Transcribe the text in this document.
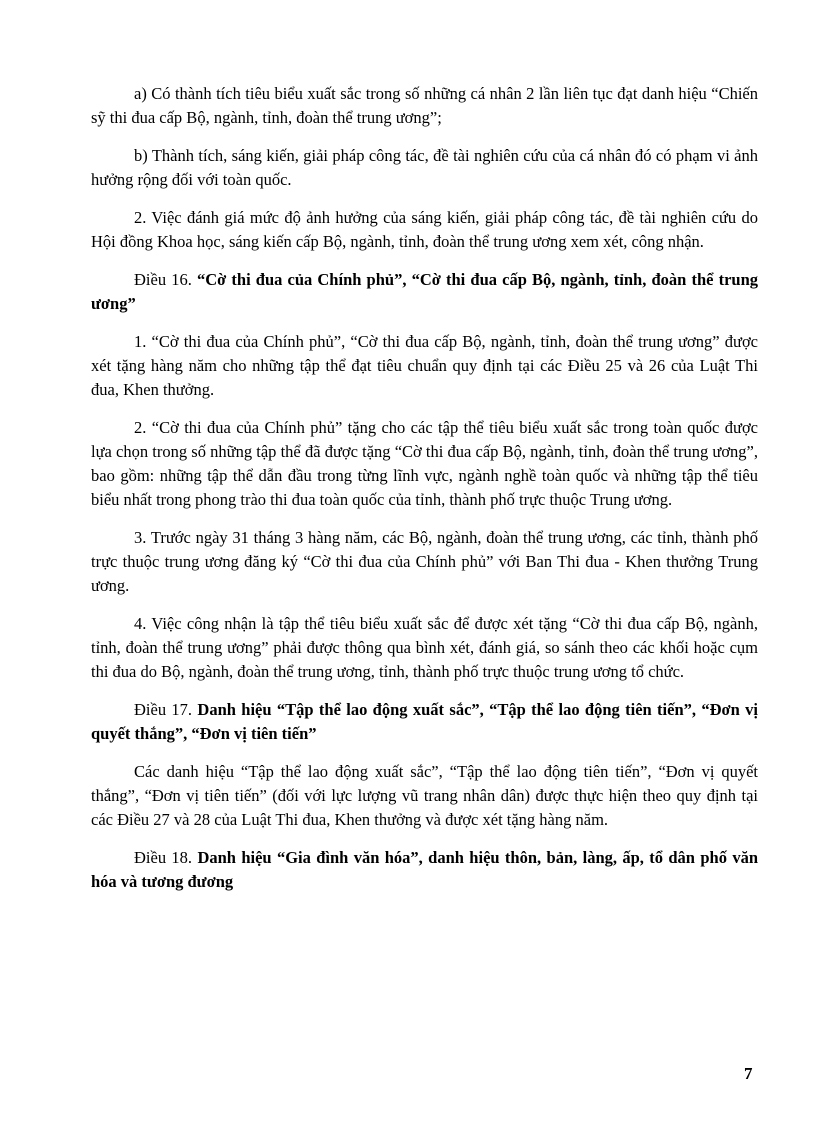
a) Có thành tích tiêu biểu xuất sắc trong số những cá nhân 2 lần liên tục đạt danh hiệu “Chiến sỹ thi đua cấp Bộ, ngành, tỉnh, đoàn thể trung ương”;

b) Thành tích, sáng kiến, giải pháp công tác, đề tài nghiên cứu của cá nhân đó có phạm vi ảnh hưởng rộng đối với toàn quốc.

2. Việc đánh giá mức độ ảnh hưởng của sáng kiến, giải pháp công tác, đề tài nghiên cứu do Hội đồng Khoa học, sáng kiến cấp Bộ, ngành, tỉnh, đoàn thể trung ương xem xét, công nhận.

Điều 16. “Cờ thi đua của Chính phủ”, “Cờ thi đua cấp Bộ, ngành, tỉnh, đoàn thể trung ương”

1. “Cờ thi đua của Chính phủ”, “Cờ thi đua cấp Bộ, ngành, tỉnh, đoàn thể trung ương” được xét tặng hàng năm cho những tập thể đạt tiêu chuẩn quy định tại các Điều 25 và 26 của Luật Thi đua, Khen thưởng.

2. “Cờ thi đua của Chính phủ” tặng cho các tập thể tiêu biểu xuất sắc trong toàn quốc được lựa chọn trong số những tập thể đã được tặng “Cờ thi đua cấp Bộ, ngành, tỉnh, đoàn thể trung ương”, bao gồm: những tập thể dẫn đầu trong từng lĩnh vực, ngành nghề toàn quốc và những tập thể tiêu biểu nhất trong phong trào thi đua toàn quốc của tỉnh, thành phố trực thuộc Trung ương.

3. Trước ngày 31 tháng 3 hàng năm, các Bộ, ngành, đoàn thể trung ương, các tỉnh, thành phố trực thuộc trung ương đăng ký “Cờ thi đua của Chính phủ” với Ban Thi đua - Khen thưởng Trung ương.

4. Việc công nhận là tập thể tiêu biểu xuất sắc để được xét tặng “Cờ thi đua cấp Bộ, ngành, tỉnh, đoàn thể trung ương” phải được thông qua bình xét, đánh giá, so sánh theo các khối hoặc cụm thi đua do Bộ, ngành, đoàn thể trung ương, tỉnh, thành phố trực thuộc trung ương tổ chức.

Điều 17. Danh hiệu “Tập thể lao động xuất sắc”, “Tập thể lao động tiên tiến”, “Đơn vị quyết thắng”, “Đơn vị tiên tiến”

Các danh hiệu “Tập thể lao động xuất sắc”, “Tập thể lao động tiên tiến”, “Đơn vị quyết thắng”, “Đơn vị tiên tiến” (đối với lực lượng vũ trang nhân dân) được thực hiện theo quy định tại các Điều 27 và 28 của Luật Thi đua, Khen thưởng và được xét tặng hàng năm.

Điều 18. Danh hiệu “Gia đình văn hóa”, danh hiệu thôn, bản, làng, ấp, tổ dân phố văn hóa và tương đương

7
